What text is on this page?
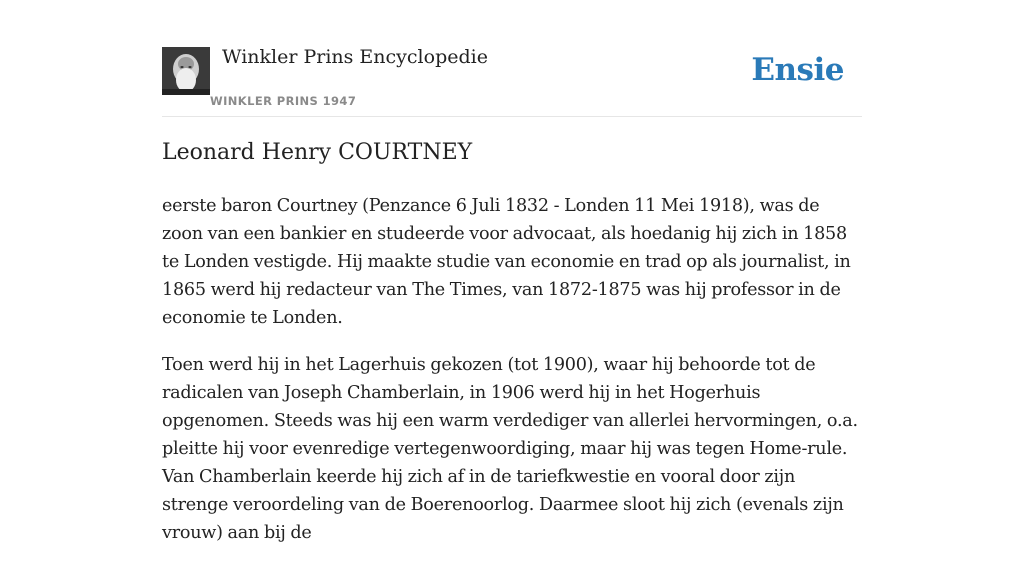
Winkler Prins Encyclopedie
WINKLER PRINS 1947
Ensie
Leonard Henry COURTNEY

eerste baron Courtney (Penzance 6 Juli 1832 - Londen 11 Mei 1918), was de zoon van een bankier en studeerde voor advocaat, als hoedanig hij zich in 1858 te Londen vestigde. Hij maakte studie van economie en trad op als journalist, in 1865 werd hij redacteur van The Times, van 1872-1875 was hij professor in de economie te Londen.

Toen werd hij in het Lagerhuis gekozen (tot 1900), waar hij behoorde tot de radicalen van Joseph Chamberlain, in 1906 werd hij in het Hogerhuis opgenomen. Steeds was hij een warm verdediger van allerlei hervormingen, o.a. pleitte hij voor evenredige vertegenwoordiging, maar hij was tegen Home-rule. Van Chamberlain keerde hij zich af in de tariefkwestie en vooral door zijn strenge veroordeling van de Boerenoorlog. Daarmee sloot hij zich (evenals zijn vrouw) aan bij de
